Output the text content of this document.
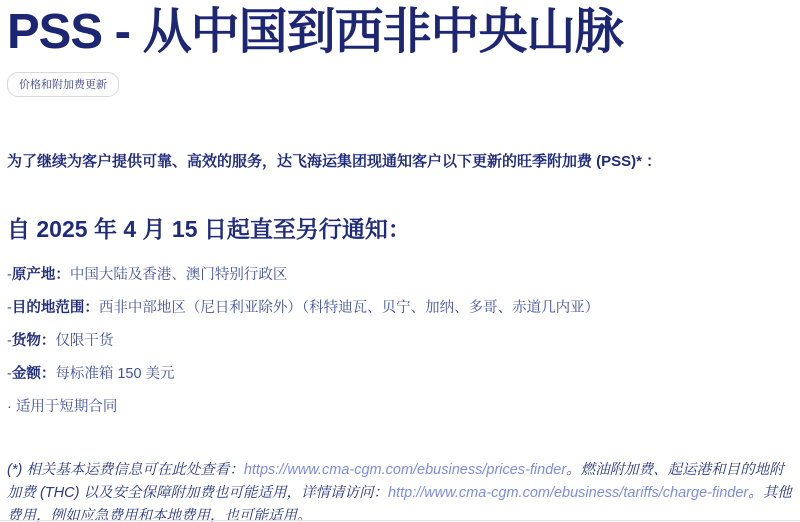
PSS - 从中国到西非中央山脉
价格和附加费更新

为了继续为客户提供可靠、高效的服务，达飞海运集团现通知客户以下更新的旺季附加费 (PSS)* ：

自 2025 年 4 月 15 日起直至另行通知：
-原产地：中国大陆及香港、澳门特别行政区
-目的地范围：西非中部地区（尼日利亚除外）（科特迪瓦、贝宁、加纳、多哥、赤道几内亚）
-货物：仅限干货
-金额：每标准箱 150 美元
· 适用于短期合同

(*) 相关基本运费信息可在此处查看：https://www.cma-cgm.com/ebusiness/prices-finder。燃油附加费、起运港和目的地附加费 (THC) 以及安全保障附加费也可能适用，详情请访问：http://www.cma-cgm.com/ebusiness/tariffs/charge-finder。其他费用，例如应急费用和本地费用，也可能适用。
